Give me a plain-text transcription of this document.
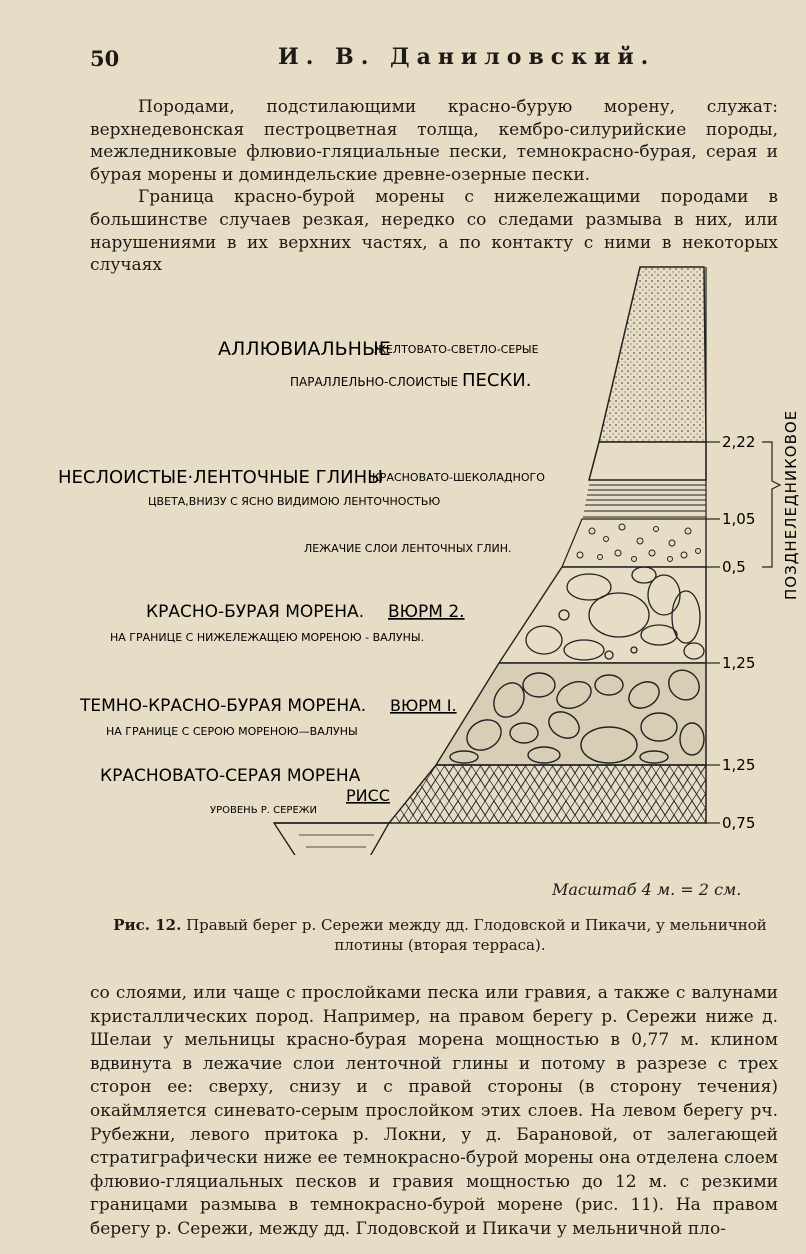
50	И. В. Даниловский.

Породами, подстилающими красно-бурую морену, служат: верхнедевонская пестроцветная толща, кембро-силурийские породы, межледниковые флювио-гляциальные пески, темнокрасно-бурая, серая и бурая морены и доминдельские древне-озерные пески.

Граница красно-бурой морены с нижележащими породами в большинстве случаев резкая, нередко со следами размыва в них, или нарушениями в их верхних частях, а по контакту с ними в некоторых случаях

2,22
1,05
0,5
1,25
1,25
0,75
ПОЗДНЕЛЕДНИКОВОЕ
АЛЛЮВИАЛЬНЫЕ
ЖЕЛТОВАТО-СВЕТЛО-СЕРЫЕ
ПАРАЛЛЕЛЬНО-СЛОИСТЫЕ ПЕСКИ.
НЕСЛОИСТЫЕ·ЛЕНТОЧНЫЕ ГЛИНЫ
КРАСНОВАТО-ШЕКОЛАДНОГО
ЦВЕТА,ВНИЗУ С ЯСНО ВИДИМОЮ ЛЕНТОЧНОСТЬЮ
ЛЕЖАЧИЕ СЛОИ ЛЕНТОЧНЫХ ГЛИН.
КРАСНО-БУРАЯ МОРЕНА. ВЮРМ 2.
НА ГРАНИЦЕ С НИЖЕЛЕЖАЩЕЮ МОРЕНОЮ - ВАЛУНЫ.
ТЕМНО-КРАСНО-БУРАЯ МОРЕНА. ВЮРМ I.
НА ГРАНИЦЕ С СЕРОЮ МОРЕНОЮ—ВАЛУНЫ
КРАСНОВАТО-СЕРАЯ МОРЕНА
РИСС
УРОВЕНЬ Р. СЕРЕЖИ
Масштаб 4 м. = 2 см.
Рис. 12. Правый берег р. Сережи между дд. Глодовской и Пикачи, у мельничной плотины (вторая терраса).

со слоями, или чаще с прослойками песка или гравия, а также с валунами кристаллических пород. Например, на правом берегу р. Сережи ниже д. Шелаи у мельницы красно-бурая морена мощностью в 0,77 м. клином вдвинута в лежачие слои ленточной глины и потому в разрезе с трех сторон ее: сверху, снизу и с правой стороны (в сторону течения) окаймляется синевато-серым прослойком этих слоев. На левом берегу рч. Рубежни, левого притока р. Локни, у д. Барановой, от залегающей стратиграфически ниже ее темнокрасно-бурой морены она отделена слоем флювио-гляциальных песков и гравия мощностью до 12 м. с резкими границами размыва в темнокрасно-бурой морене (рис. 11). На правом берегу р. Сережи, между дд. Глодовской и Пикачи у мельничной пло-
